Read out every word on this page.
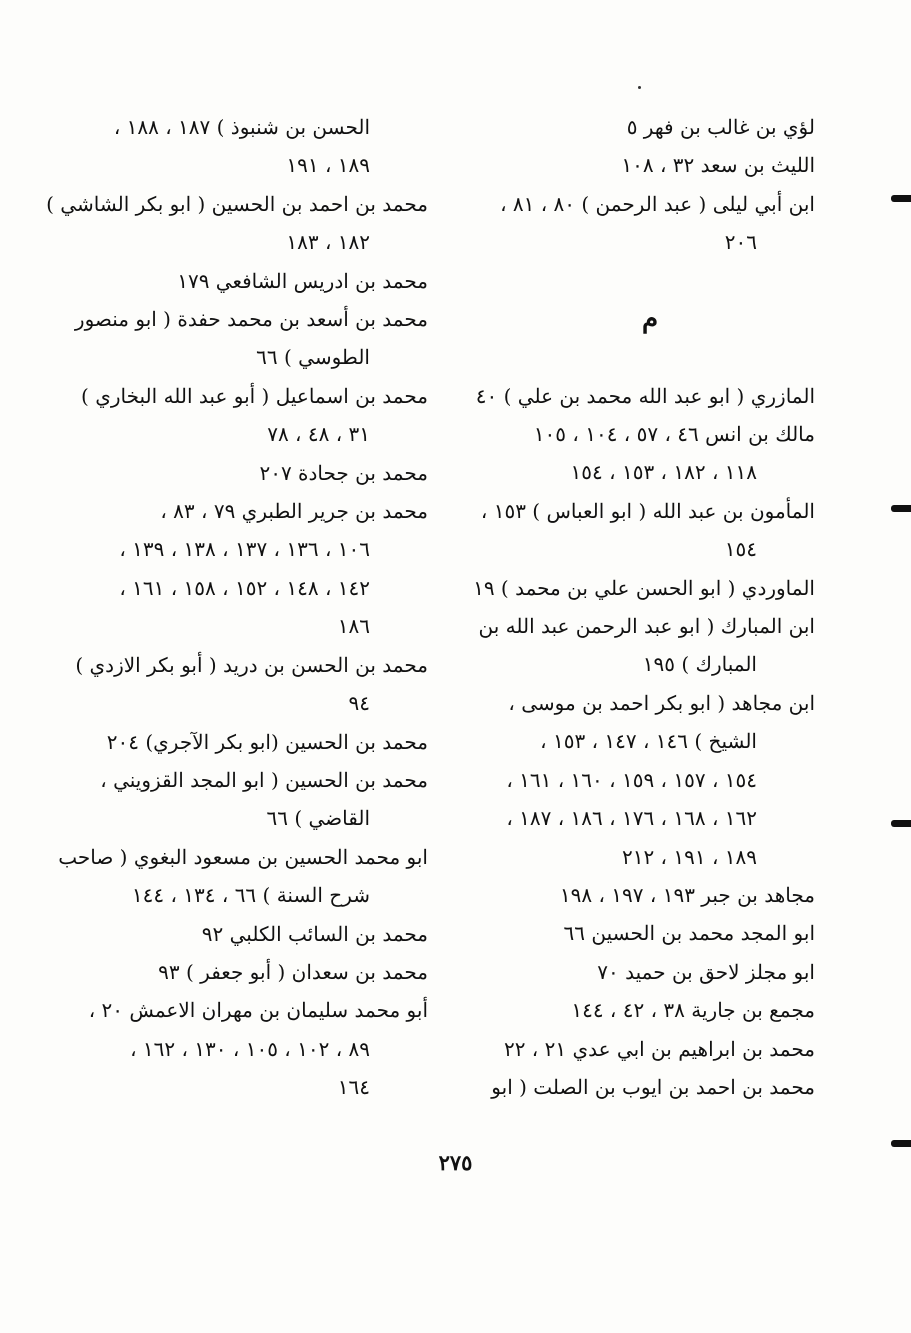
لؤي بن غالب بن فهر ٥
الليث بن سعد ٣٢ ، ١٠٨
ابن أبي ليلى ( عبد الرحمن ) ٨٠ ، ٨١ ،
٢٠٦
م
المازري ( ابو عبد الله محمد بن علي ) ٤٠
مالك بن انس ٤٦ ، ٥٧ ، ١٠٤ ، ١٠٥
١١٨ ، ١٨٢ ، ١٥٣ ، ١٥٤
المأمون بن عبد الله ( ابو العباس ) ١٥٣ ،
١٥٤
الماوردي ( ابو الحسن علي بن محمد ) ١٩
ابن المبارك ( ابو عبد الرحمن عبد الله بن
المبارك ) ١٩٥
ابن مجاهد ( ابو بكر احمد بن موسى ،
الشيخ ) ١٤٦ ، ١٤٧ ، ١٥٣ ،
١٥٤ ، ١٥٧ ، ١٥٩ ، ١٦٠ ، ١٦١ ،
١٦٢ ، ١٦٨ ، ١٧٦ ، ١٨٦ ، ١٨٧ ،
١٨٩ ، ١٩١ ، ٢١٢
مجاهد بن جبر ١٩٣ ، ١٩٧ ، ١٩٨
ابو المجد محمد بن الحسين ٦٦
ابو مجلز لاحق بن حميد ٧٠
مجمع بن جارية ٣٨ ، ٤٢ ، ١٤٤
محمد بن ابراهيم بن ابي عدي ٢١ ، ٢٢
محمد بن احمد بن ايوب بن الصلت ( ابو
الحسن بن شنبوذ ) ١٨٧ ، ١٨٨ ،
١٨٩ ، ١٩١
محمد بن احمد بن الحسين ( ابو بكر الشاشي )
١٨٢ ، ١٨٣
محمد بن ادريس الشافعي ١٧٩
محمد بن أسعد بن محمد حفدة ( ابو منصور
الطوسي ) ٦٦
محمد بن اسماعيل ( أبو عبد الله البخاري )
٣١ ، ٤٨ ، ٧٨
محمد بن جحادة ٢٠٧
محمد بن جرير الطبري ٧٩ ، ٨٣ ،
١٠٦ ، ١٣٦ ، ١٣٧ ، ١٣٨ ، ١٣٩ ،
١٤٢ ، ١٤٨ ، ١٥٢ ، ١٥٨ ، ١٦١ ،
١٨٦
محمد بن الحسن بن دريد ( أبو بكر الازدي )
٩٤
محمد بن الحسين (ابو بكر الآجري) ٢٠٤
محمد بن الحسين ( ابو المجد القزويني ،
القاضي ) ٦٦
ابو محمد الحسين بن مسعود البغوي ( صاحب
شرح السنة ) ٦٦ ، ١٣٤ ، ١٤٤
محمد بن السائب الكلبي ٩٢
محمد بن سعدان ( أبو جعفر ) ٩٣
أبو محمد سليمان بن مهران الاعمش ٢٠ ،
٨٩ ، ١٠٢ ، ١٠٥ ، ١٣٠ ، ١٦٢ ،
١٦٤
٢٧٥
